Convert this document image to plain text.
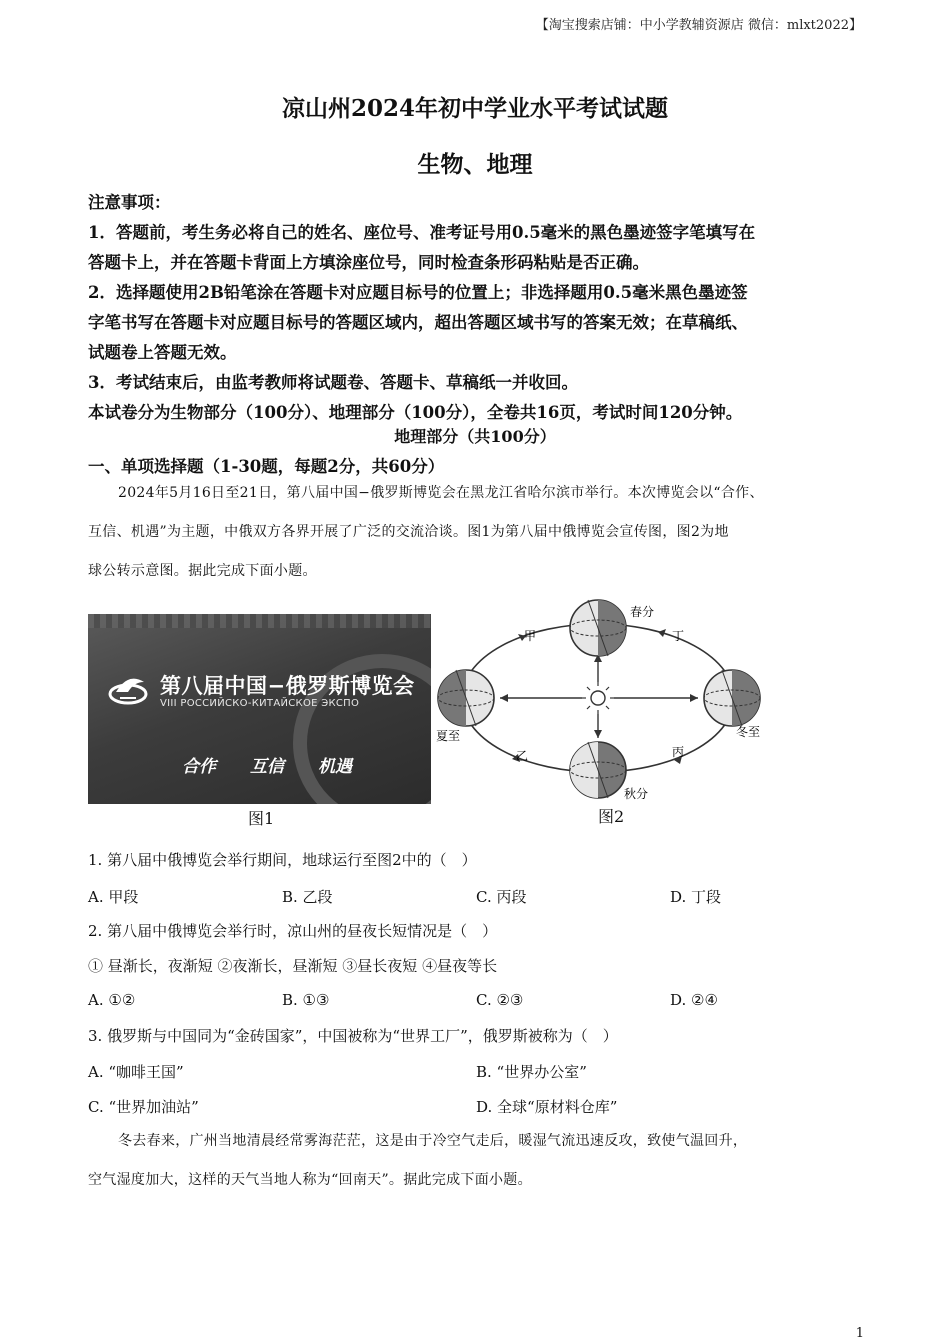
【淘宝搜索店铺：中小学教辅资源店 微信：mlxt2022】
凉山州2024年初中学业水平考试试题
生物、地理

注意事项：

1．答题前，考生务必将自己的姓名、座位号、准考证号用0.5毫米的黑色墨迹签字笔填写在

答题卡上，并在答题卡背面上方填涂座位号，同时检查条形码粘贴是否正确。

2．选择题使用2B铅笔涂在答题卡对应题目标号的位置上；非选择题用0.5毫米黑色墨迹签

字笔书写在答题卡对应题目标号的答题区域内，超出答题区域书写的答案无效；在草稿纸、

试题卷上答题无效。

3．考试结束后，由监考教师将试题卷、答题卡、草稿纸一并收回。

本试卷分为生物部分（100分）、地理部分（100分），全卷共16页，考试时间120分钟。

地理部分（共100分）
一、单项选择题（1-30题，每题2分，共60分）

2024年5月16日至21日，第八届中国−俄罗斯博览会在黑龙江省哈尔滨市举行。本次博览会以“合作、

互信、机遇”为主题，中俄双方各界开展了广泛的交流洽谈。图1为第八届中俄博览会宣传图，图2为地

球公转示意图。据此完成下面小题。

第八届中国−俄罗斯博览会
VIII РОССИЙСКО-КИТАЙСКОЕ ЭКСПО
合作 互信 机遇
图1
春分
夏至
秋分
冬至
甲
乙	丙
丁
图2
1. 第八届中俄博览会举行期间，地球运行至图2中的（　）
A. 甲段	B. 乙段	C. 丙段	D. 丁段
2. 第八届中俄博览会举行时，凉山州的昼夜长短情况是（　）
① 昼渐长，夜渐短 ②夜渐长，昼渐短 ③昼长夜短 ④昼夜等长
A. ①②	B. ①③	C. ②③	D. ②④
3. 俄罗斯与中国同为“金砖国家”，中国被称为“世界工厂”，俄罗斯被称为（　）
A. “咖啡王国”	B. “世界办公室”
C. “世界加油站”	D. 全球“原材料仓库”

冬去春来，广州当地清晨经常雾海茫茫，这是由于冷空气走后，暖湿气流迅速反攻，致使气温回升，

空气湿度加大，这样的天气当地人称为“回南天”。据此完成下面小题。

1
